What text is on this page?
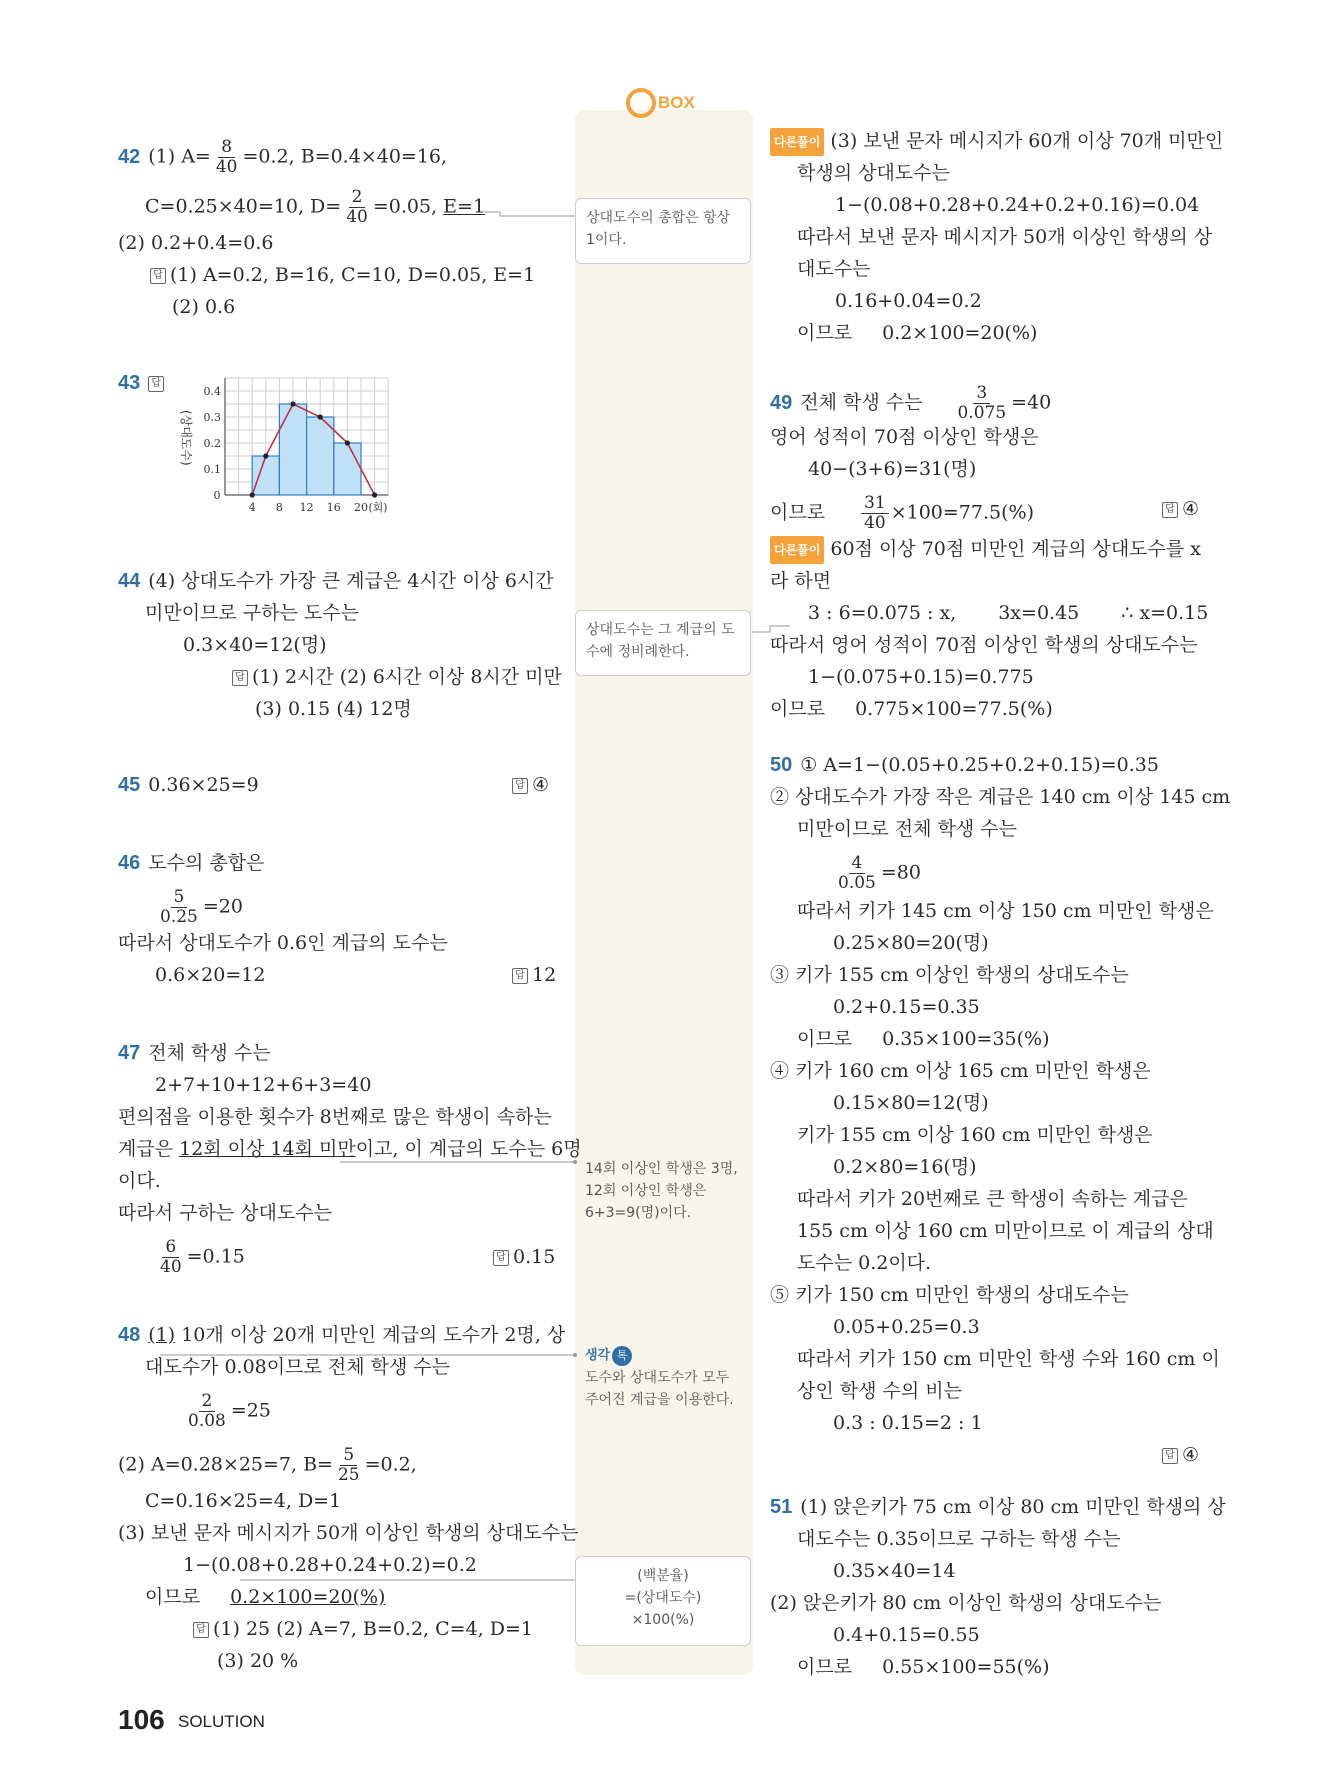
BOX
42 (1) $A= \frac{8}{40} =0.2$, B=0.4×40=16,
C=0.25×40=10, $D= \frac{2}{40} =0.05$, E=1
(2) 0.2+0.4=0.6
답 (1) A=0.2, B=16, C=10, D=0.05, E=1
(2) 0.6
43 답
0.1
0.2
0.3
0.4
0
4 8 12 16 20 (회)
(상대도수)
44 (4) 상대도수가 가장 큰 계급은 4시간 이상 6시간
미만이므로 구하는 도수는
0.3×40=12(명)
답 (1) 2시간 (2) 6시간 이상 8시간 미만
(3) 0.15 (4) 12명
45 0.36×25=9	답 ④
46 도수의 총합은
$\frac{5}{0.25} =20$
따라서 상대도수가 0.6인 계급의 도수는
0.6×20=12	답 12
47 전체 학생 수는
2+7+10+12+6+3=40
편의점을 이용한 횟수가 8번째로 많은 학생이 속하는
계급은 12회 이상 14회 미만이고, 이 계급의 도수는 6명
이다.
따라서 구하는 상대도수는
$\frac{6}{40} =0.15$	답 0.15
48 (1) 10개 이상 20개 미만인 계급의 도수가 2명, 상
대도수가 0.08이므로 전체 학생 수는
$\frac{2}{0.08} =25$
(2) A=0.28×25=7, $B= \frac{5}{25} =0.2$,
C=0.16×25=4, D=1
(3) 보낸 문자 메시지가 50개 이상인 학생의 상대도수는
1−(0.08+0.28+0.24+0.2)=0.2
이므로 0.2×100=20(%)
답 (1) 25 (2) A=7, B=0.2, C=4, D=1
(3) 20 %
상대도수의 총합은 항상 1이다.
상대도수는 그 계급의 도수에 정비례한다.
14회 이상인 학생은 3명, 12회 이상인 학생은 6+3=9(명)이다.
생각 톡
도수와 상대도수가 모두 주어진 계급을 이용한다.
(백분율)
=(상대도수)
×100(%)
다른풀이 (3) 보낸 문자 메시지가 60개 이상 70개 미만인
학생의 상대도수는
1−(0.08+0.28+0.24+0.2+0.16)=0.04
따라서 보낸 문자 메시지가 50개 이상인 학생의 상
대도수는
0.16+0.04=0.2
이므로 0.2×100=20(%)
49 전체 학생 수는 $\frac{3}{0.075} =40$
영어 성적이 70점 이상인 학생은
40−(3+6)=31(명)
이므로 $\frac{31}{40} \times 100=77.5(\%)$	답 ④
다른풀이 60점 이상 70점 미만인 계급의 상대도수를 x
라 하면
3 : 6=0.075 : x, 3x=0.45 ∴ x=0.15
따라서 영어 성적이 70점 이상인 학생의 상대도수는
1−(0.075+0.15)=0.775
이므로 0.775×100=77.5(%)
50 ① A=1−(0.05+0.25+0.2+0.15)=0.35
② 상대도수가 가장 작은 계급은 140 cm 이상 145 cm
미만이므로 전체 학생 수는
$\frac{4}{0.05} =80$
따라서 키가 145 cm 이상 150 cm 미만인 학생은
0.25×80=20(명)
③ 키가 155 cm 이상인 학생의 상대도수는
0.2+0.15=0.35
이므로 0.35×100=35(%)
④ 키가 160 cm 이상 165 cm 미만인 학생은
0.15×80=12(명)
키가 155 cm 이상 160 cm 미만인 학생은
0.2×80=16(명)
따라서 키가 20번째로 큰 학생이 속하는 계급은
155 cm 이상 160 cm 미만이므로 이 계급의 상대
도수는 0.2이다.
⑤ 키가 150 cm 미만인 학생의 상대도수는
0.05+0.25=0.3
따라서 키가 150 cm 미만인 학생 수와 160 cm 이
상인 학생 수의 비는
0.3 : 0.15=2 : 1
답 ④
51 (1) 앉은키가 75 cm 이상 80 cm 미만인 학생의 상
대도수는 0.35이므로 구하는 학생 수는
0.35×40=14
(2) 앉은키가 80 cm 이상인 학생의 상대도수는
0.4+0.15=0.55
이므로 0.55×100=55(%)
106 SOLUTION
